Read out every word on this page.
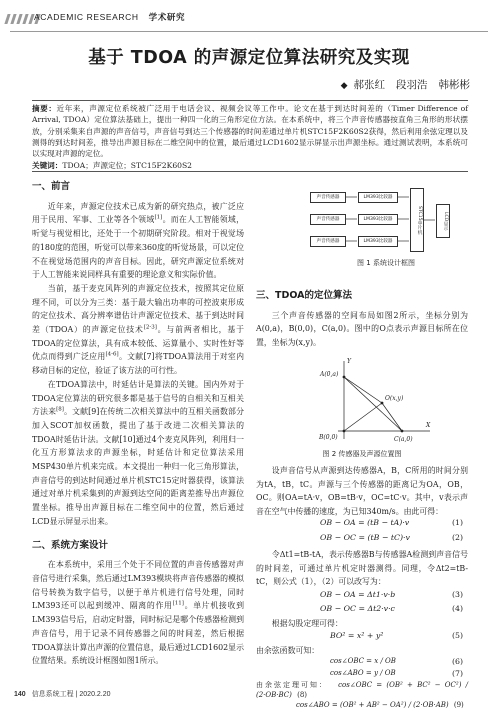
ACADEMIC RESEARCH 学术研究
基于 TDOA 的声源定位算法研究及实现
◆ 郝张红 段羽浩 韩彬彬
摘要：近年来，声源定位系统被广泛用于电话会议、视频会议等工作中。论文在基于到达时间差的（Timer Difference of Arrival, TDOA）定位算法基础上，提出一种四一化的三角形定位方法。在本系统中，将三个声音传感器按直角三角形的形状摆放，分别采集来自声源的声音信号，声音信号到达三个传感器的时间差通过单片机STC15F2K60S2获得，然后利用余弦定理以及测得的到达时间差，推导出声源目标在二维空间中的位置，最后通过LCD1602显示屏显示出声源坐标。通过测试表明，本系统可以实现对声源的定位。
关键词：TDOA；声源定位；STC15F2K60S2
一、前言

近年来，声源定位技术已成为新的研究热点，被广泛应用于民用、军事、工业等各个领域[1]。而在人工智能领域，听觉与视觉相比，还处于一个初期研究阶段。相对于视觉场的180度的范围，听觉可以带来360度的听觉场景，可以定位不在视觉场范围内的声音目标。因此，研究声源定位系统对于人工智能来说同样具有重要的理论意义和实际价值。

当前，基于麦克风阵列的声源定位技术，按照其定位原理不同，可以分为三类：基于最大输出功率的可控波束形成的定位技术、高分辨率谱估计声源定位技术、基于到达时间差（TDOA）的声源定位技术[2-3]。与前两者相比，基于TDOA的定位算法，具有成本较低、运算量小、实时性好等优点而得到广泛应用[4-6]。文献[7]将TDOA算法用于对室内移动目标的定位，验证了该方法的可行性。

在TDOA算法中，时延估计是算法的关键。国内外对于TDOA定位算法的研究很多都是基于信号的自相关和互相关方法来[8]。文献[9]在传统二次相关算法中的互相关函数部分加入SCOT加权函数，提出了基于改进二次相关算法的TDOA时延估计法。文献[10]通过4个麦克风阵列，利用归一化互方形算法求的声源坐标，时延估计和定位算法采用MSP430单片机来完成。本文提出一种归一化三角形算法，声音信号的到达时间通过单片机STC15定时器获得，该算法通过对单片机采集到的声源到达空间的距离差推导出声源位置坐标。推导出声源目标在二维空间中的位置，然后通过LCD显示屏显示出来。

二、系统方案设计

在本系统中，采用三个处于不同位置的声音传感器对声音信号进行采集，然后通过LM393模块将声音传感器的模拟信号转换为数字信号，以便于单片机进行信号处理，同时LM393还可以起到缓冲、隔离的作用[11]。单片机接收到LM393信号后，启动定时器，同时标记是哪个传感器检测到声音信号，用于记录不同传感器之间的时间差，然后根据TDOA算法计算出声源的位置信息，最后通过LCD1602显示位置结果。系统设计框图如图1所示。

声音传感器
声音传感器
声音传感器
LM393比较器
LM393比较器
LM393比较器
STC15单片机	LCD显示
图 1 系统设计框图
三、TDOA的定位算法

三个声音传感器的空间布局如图2所示，坐标分别为A(0,a)，B(0,0)，C(a,0)。图中的O点表示声源目标所在位置，坐标为(x,y)。

Y
A(0,a)
O(x,y)
B(0,0)	C(a,0)
X
图 2 传感器及声源位置图

设声音信号从声源到达传感器A，B，C所用的时间分别为tA，tB，tC。声源与三个传感器的距离记为OA，OB，OC。则OA=tA·v，OB=tB·v，OC=tC·v。其中，v表示声音在空气中传播的速度，为已知340m/s。由此可得：

OB − OA = (tB − tA)·v	(1)
OB − OC = (tB − tC)·v	(2)

令Δt1=tB-tA，表示传感器B与传感器A检测到声音信号的时间差，可通过单片机定时器测得。同理，令Δt2=tB-tC，则公式（1），（2）可以改写为：

OB − OA = Δt1·v·b	(3)
OB − OC = Δt2·v·c	(4)

根据勾股定理可得：

BO² = x² + y²	(5)

由余弦函数可知：

cos∠OBC = x / OB	(6)
cos∠ABO = y / OB	(7)
由余弦定理可知： cos∠OBC = (OB² + BC² − OC²) / (2·OB·BC) (8)
cos∠ABO = (OB² + AB² − OA²) / (2·OB·AB) (9)
140 信息系统工程 | 2020.2.20
